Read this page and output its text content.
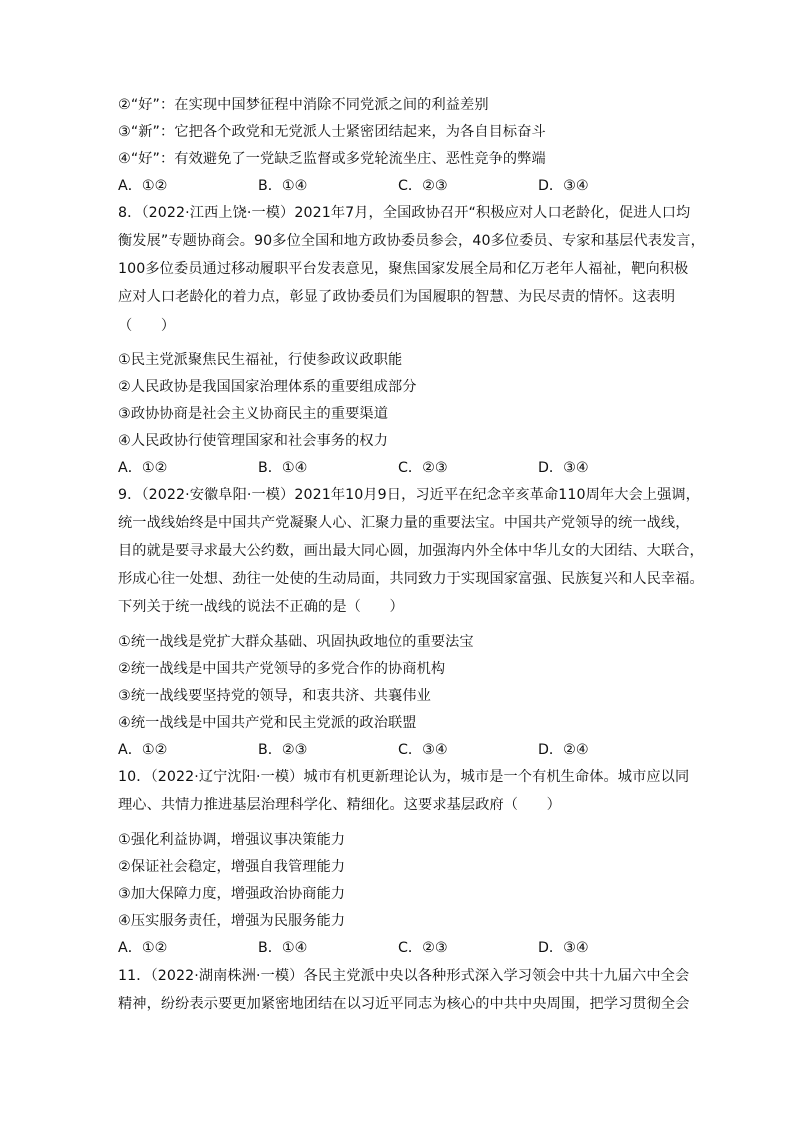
②“好”：在实现中国梦征程中消除不同党派之间的利益差别
③“新”：它把各个政党和无党派人士紧密团结起来，为各自目标奋斗
④“好”：有效避免了一党缺乏监督或多党轮流坐庄、恶性竞争的弊端
A．①②	B．①④	C．②③	D．③④
8．（2022·江西上饶·一模）2021年7月，全国政协召开“积极应对人口老龄化，促进人口均
衡发展”专题协商会。90多位全国和地方政协委员参会，40多位委员、专家和基层代表发言，
100多位委员通过移动履职平台发表意见，聚焦国家发展全局和亿万老年人福祉，靶向积极
应对人口老龄化的着力点，彰显了政协委员们为国履职的智慧、为民尽责的情怀。这表明
（　　）
①民主党派聚焦民生福祉，行使参政议政职能
②人民政协是我国国家治理体系的重要组成部分
③政协协商是社会主义协商民主的重要渠道
④人民政协行使管理国家和社会事务的权力
A．①②	B．①④	C．②③	D．③④
9．（2022·安徽阜阳·一模）2021年10月9日，习近平在纪念辛亥革命110周年大会上强调，
统一战线始终是中国共产党凝聚人心、汇聚力量的重要法宝。中国共产党领导的统一战线，
目的就是要寻求最大公约数，画出最大同心圆，加强海内外全体中华儿女的大团结、大联合，
形成心往一处想、劲往一处使的生动局面，共同致力于实现国家富强、民族复兴和人民幸福。
下列关于统一战线的说法不正确的是（　　）
①统一战线是党扩大群众基础、巩固执政地位的重要法宝
②统一战线是中国共产党领导的多党合作的协商机构
③统一战线要坚持党的领导，和衷共济、共襄伟业
④统一战线是中国共产党和民主党派的政治联盟
A．①②	B．②③	C．③④	D．②④
10．（2022·辽宁沈阳·一模）城市有机更新理论认为，城市是一个有机生命体。城市应以同
理心、共情力推进基层治理科学化、精细化。这要求基层政府（　　）
①强化利益协调，增强议事决策能力
②保证社会稳定，增强自我管理能力
③加大保障力度，增强政治协商能力
④压实服务责任，增强为民服务能力
A．①②	B．①④	C．②③	D．③④
11．（2022·湖南株洲·一模）各民主党派中央以各种形式深入学习领会中共十九届六中全会
精神，纷纷表示要更加紧密地团结在以习近平同志为核心的中共中央周围，把学习贯彻全会
